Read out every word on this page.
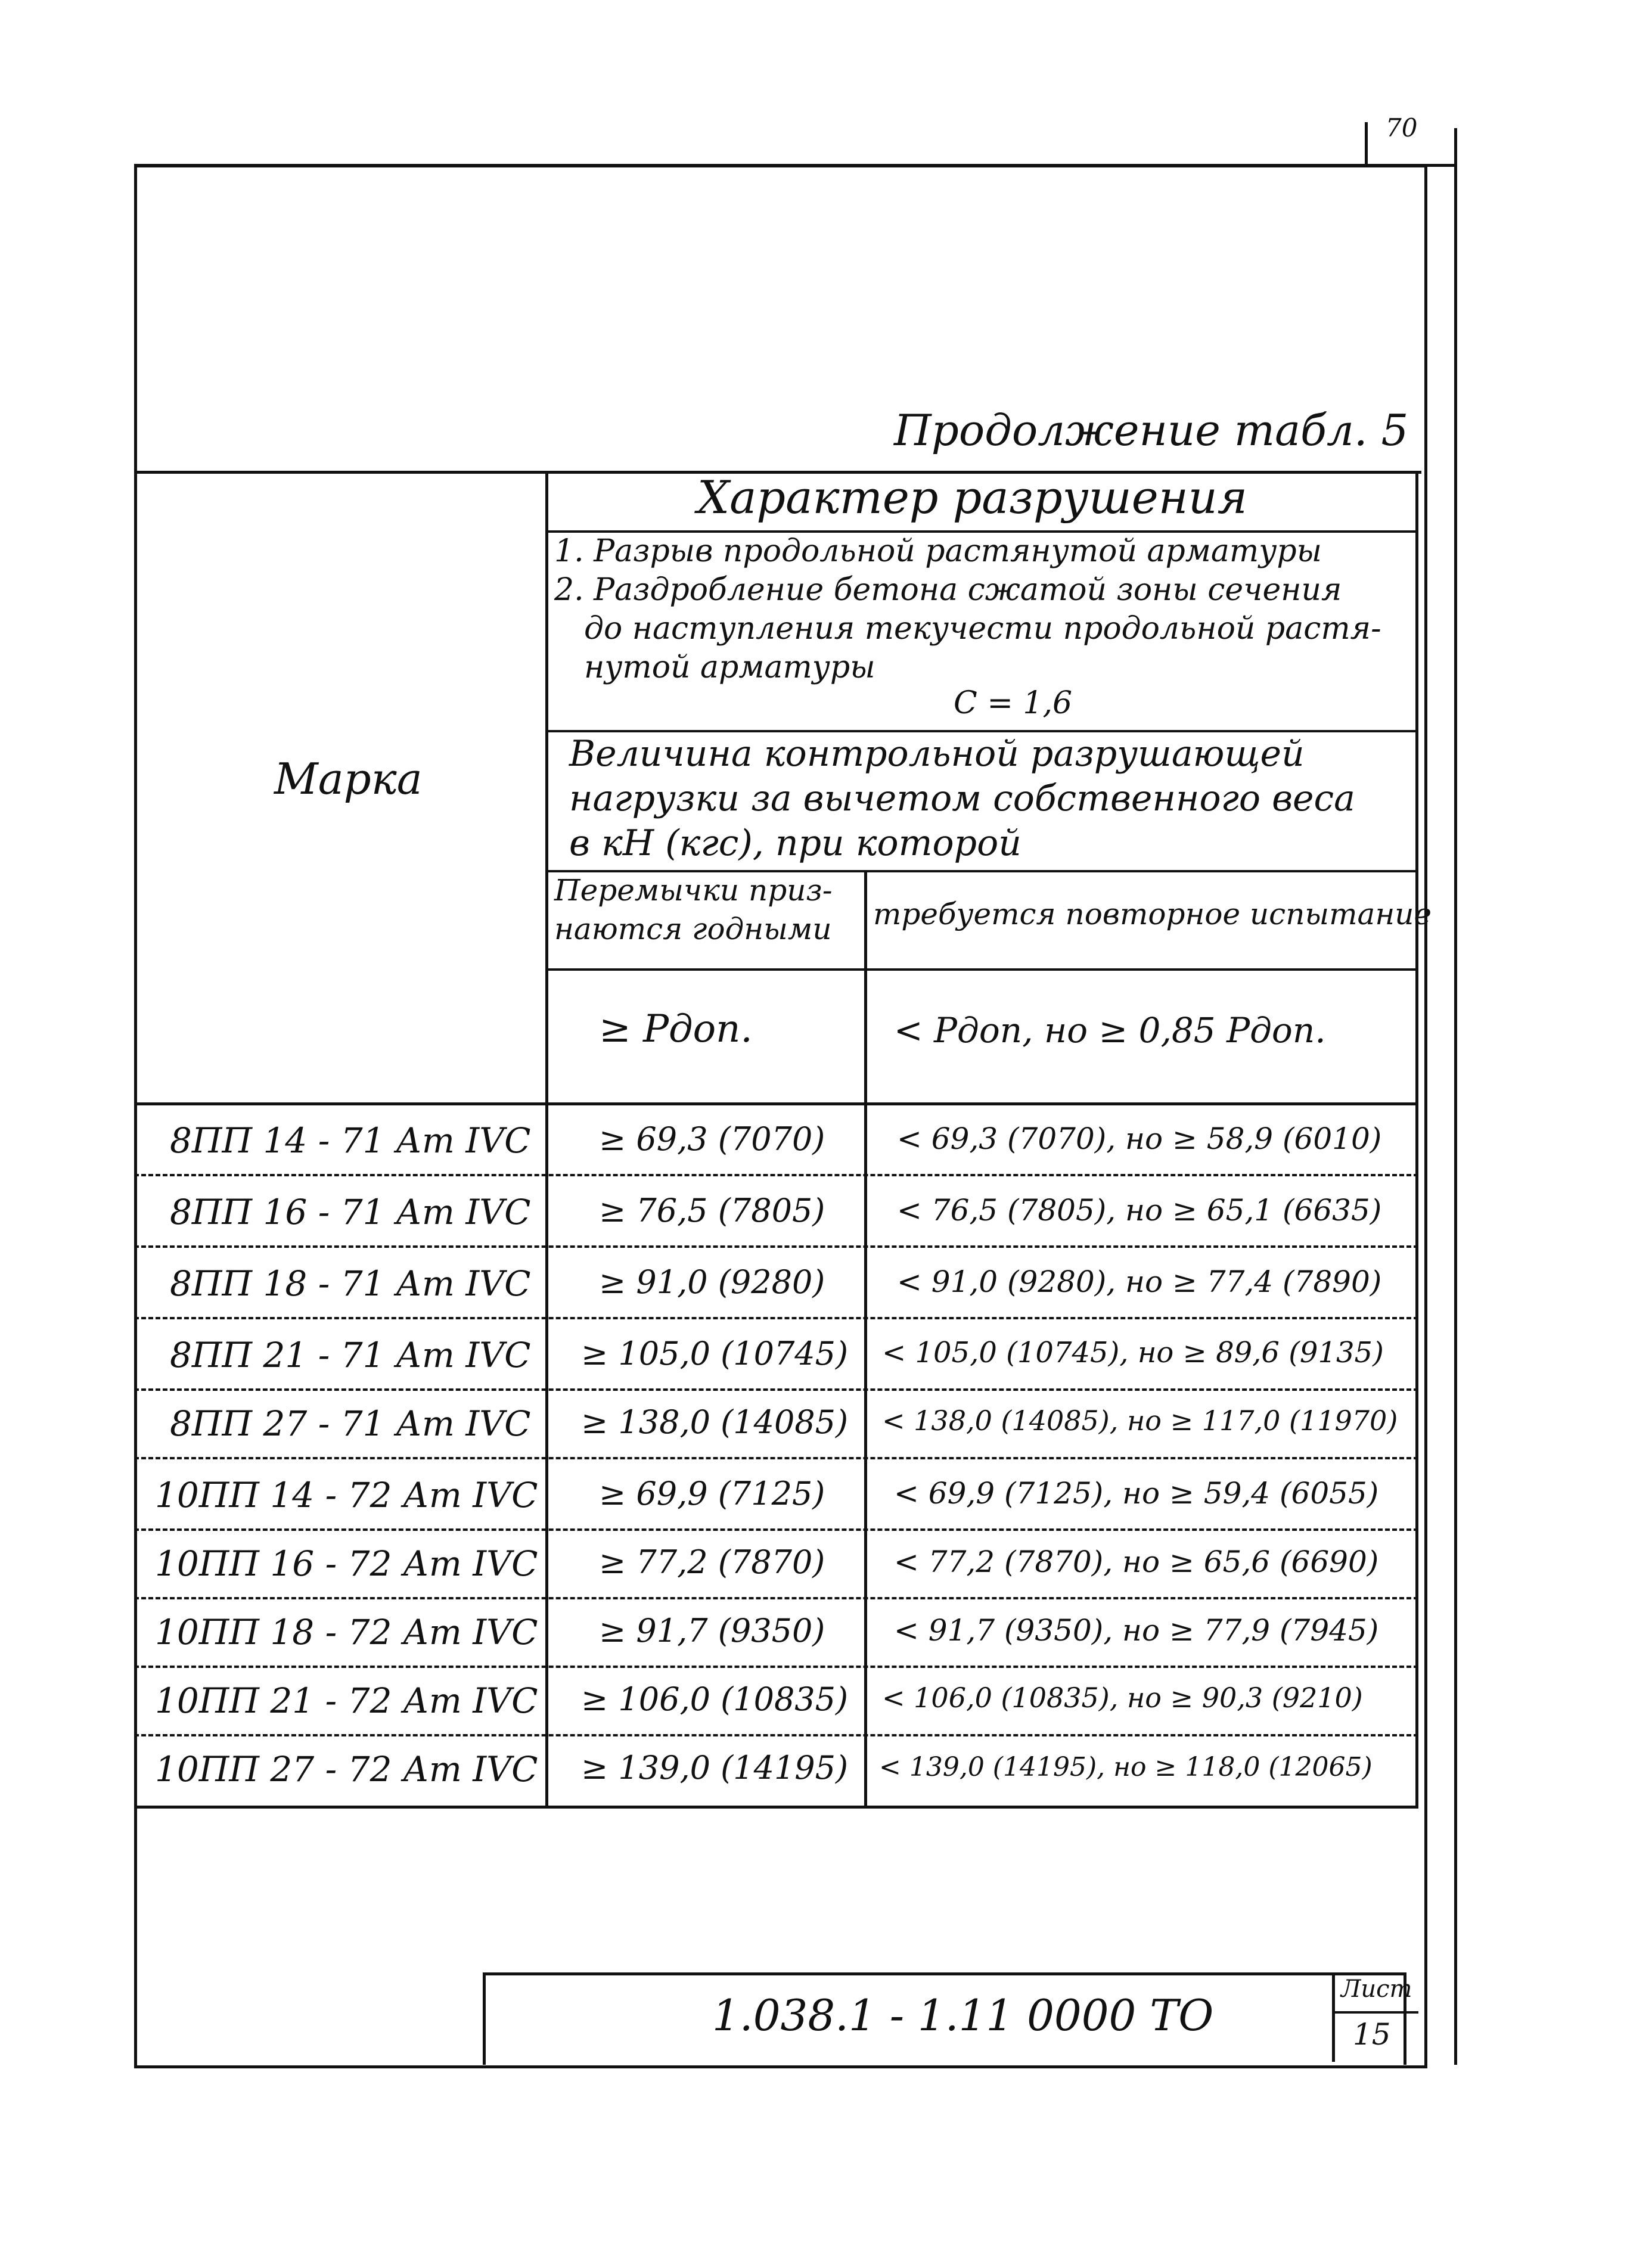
70
Продолжение табл. 5
Марка
Характер разрушения
1. Разрыв продольной растянутой арматуры
2. Раздробление бетона сжатой зоны сечения
до наступления текучести продольной растя-
нутой арматуры
С = 1,6
Величина контрольной разрушающей
нагрузки за вычетом собственного веса
в кН (кгс), при которой
Перемычки приз-
наются годными требуется повторное испытание
≥ Рдоп.	< Рдоп, но ≥ 0,85 Рдоп.
8ПП 14 - 71 Ат IVC ≥ 69,3 (7070) < 69,3 (7070), но ≥ 58,9 (6010)
8ПП 16 - 71 Ат IVC ≥ 76,5 (7805) < 76,5 (7805), но ≥ 65,1 (6635)
8ПП 18 - 71 Ат IVC ≥ 91,0 (9280) < 91,0 (9280), но ≥ 77,4 (7890)
8ПП 21 - 71 Ат IVC ≥ 105,0 (10745) < 105,0 (10745), но ≥ 89,6 (9135)
8ПП 27 - 71 Ат IVC ≥ 138,0 (14085) < 138,0 (14085), но ≥ 117,0 (11970)
10ПП 14 - 72 Ат IVC ≥ 69,9 (7125) < 69,9 (7125), но ≥ 59,4 (6055)
10ПП 16 - 72 Ат IVC ≥ 77,2 (7870) < 77,2 (7870), но ≥ 65,6 (6690)
10ПП 18 - 72 Ат IVC ≥ 91,7 (9350) < 91,7 (9350), но ≥ 77,9 (7945)
10ПП 21 - 72 Ат IVC ≥ 106,0 (10835) < 106,0 (10835), но ≥ 90,3 (9210)
10ПП 27 - 72 Ат IVC ≥ 139,0 (14195) < 139,0 (14195), но ≥ 118,0 (12065)
1.038.1 - 1.11 0000 ТО
Лист
15
